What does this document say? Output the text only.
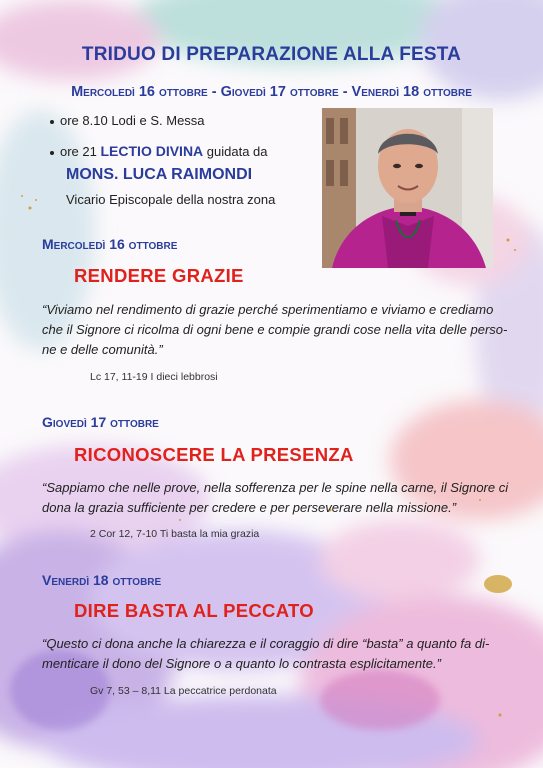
TRIDUO DI PREPARAZIONE ALLA FESTA
Mercoledì 16 ottobre - Giovedì 17 ottobre - Venerdì 18 ottobre
ore 8.10 Lodi e S. Messa
ore 21 LECTIO DIVINA guidata da
MONS. LUCA RAIMONDI
Vicario Episcopale della nostra zona
Mercoledì 16 ottobre
RENDERE GRAZIE
“Viviamo nel rendimento di grazie perché sperimentiamo e viviamo e crediamo
che il Signore ci ricolma di ogni bene e compie grandi cose nella vita delle perso-
ne e delle comunità.”
Lc 17, 11-19 I dieci lebbrosi
Giovedì 17 ottobre
RICONOSCERE LA PRESENZA
“Sappiamo che nelle prove, nella sofferenza per le spine nella carne, il Signore ci
dona la grazia sufficiente per credere e per perseverare nella missione.”
2 Cor 12, 7-10 Ti basta la mia grazia
Venerdì 18 ottobre
DIRE BASTA AL PECCATO
“Questo ci dona anche la chiarezza e il coraggio di dire “basta” a quanto fa di-
menticare il dono del Signore o a quanto lo contrasta esplicitamente.”
Gv 7, 53 – 8,11 La peccatrice perdonata
